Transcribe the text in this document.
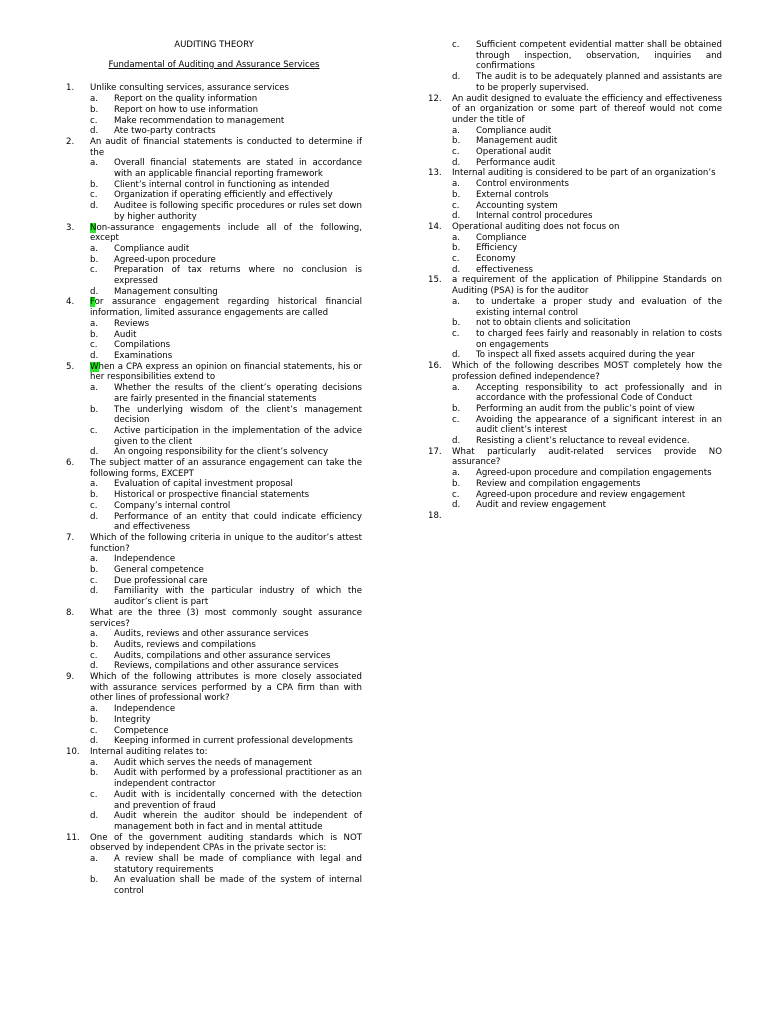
AUDITING THEORY

Fundamental of Auditing and Assurance Services

1.	Unlike consulting services, assurance services
a.	Report on the quality information
b.	Report on how to use information
c.	Make recommendation to management
d.	Ate two-party contracts
2.	An audit of financial statements is conducted to determine if the
a.	Overall financial statements are stated in accordance with an applicable financial reporting framework
b.	Client’s internal control in functioning as intended
c.	Organization if operating efficiently and effectively
d.	Auditee is following specific procedures or rules set down by higher authority
3.	Non-assurance engagements include all of the following, except
a.	Compliance audit
b.	Agreed-upon procedure
c.	Preparation of tax returns where no conclusion is expressed
d.	Management consulting
4.	For assurance engagement regarding historical financial information, limited assurance engagements are called
a.	Reviews
b.	Audit
c.	Compilations
d.	Examinations
5.	When a CPA express an opinion on financial statements, his or her responsibilities extend to
a.	Whether the results of the client’s operating decisions are fairly presented in the financial statements
b.	The underlying wisdom of the client’s management decision
c.	Active participation in the implementation of the advice given to the client
d.	An ongoing responsibility for the client’s solvency
6.	The subject matter of an assurance engagement can take the following forms, EXCEPT
a.	Evaluation of capital investment proposal
b.	Historical or prospective financial statements
c.	Company’s internal control
d.	Performance of an entity that could indicate efficiency and effectiveness
7.	Which of the following criteria in unique to the auditor’s attest function?
a.	Independence
b.	General competence
c.	Due professional care
d.	Familiarity with the particular industry of which the auditor’s client is part
8.	What are the three (3) most commonly sought assurance services?
a.	Audits, reviews and other assurance services
b.	Audits, reviews and compilations
c.	Audits, compilations and other assurance services
d.	Reviews, compilations and other assurance services
9.	Which of the following attributes is more closely associated with assurance services performed by a CPA firm than with other lines of professional work?
a.	Independence
b.	Integrity
c.	Competence
d.	Keeping informed in current professional developments
10.	Internal auditing relates to:
a.	Audit which serves the needs of management
b.	Audit with performed by a professional practitioner as an independent contractor
c.	Audit with is incidentally concerned with the detection and prevention of fraud
d.	Audit wherein the auditor should be independent of management both in fact and in mental attitude
11.	One of the government auditing standards which is NOT observed by independent CPAs in the private sector is:
a.	A review shall be made of compliance with legal and statutory requirements
b.	An evaluation shall be made of the system of internal control
c.	Sufficient competent evidential matter shall be obtained through inspection, observation, inquiries and confirmations
d.	The audit is to be adequately planned and assistants are to be properly supervised.
12.	An audit designed to evaluate the efficiency and effectiveness of an organization or some part of thereof would not come under the title of
a.	Compliance audit
b.	Management audit
c.	Operational audit
d.	Performance audit
13.	Internal auditing is considered to be part of an organization’s
a.	Control environments
b.	External controls
c.	Accounting system
d.	Internal control procedures
14.	Operational auditing does not focus on
a.	Compliance
b.	Efficiency
c.	Economy
d.	effectiveness
15.	a requirement of the application of Philippine Standards on Auditing (PSA) is for the auditor
a.	to undertake a proper study and evaluation of the existing internal control
b.	not to obtain clients and solicitation
c.	to charged fees fairly and reasonably in relation to costs on engagements
d.	To inspect all fixed assets acquired during the year
16.	Which of the following describes MOST completely how the profession defined independence?
a.	Accepting responsibility to act professionally and in accordance with the professional Code of Conduct
b.	Performing an audit from the public’s point of view
c.	Avoiding the appearance of a significant interest in an audit client’s interest
d.	Resisting a client’s reluctance to reveal evidence.
17.	What particularly audit-related services provide NO assurance?
a.	Agreed-upon procedure and compilation engagements
b.	Review and compilation engagements
c.	Agreed-upon procedure and review engagement
d.	Audit and review engagement
18.
